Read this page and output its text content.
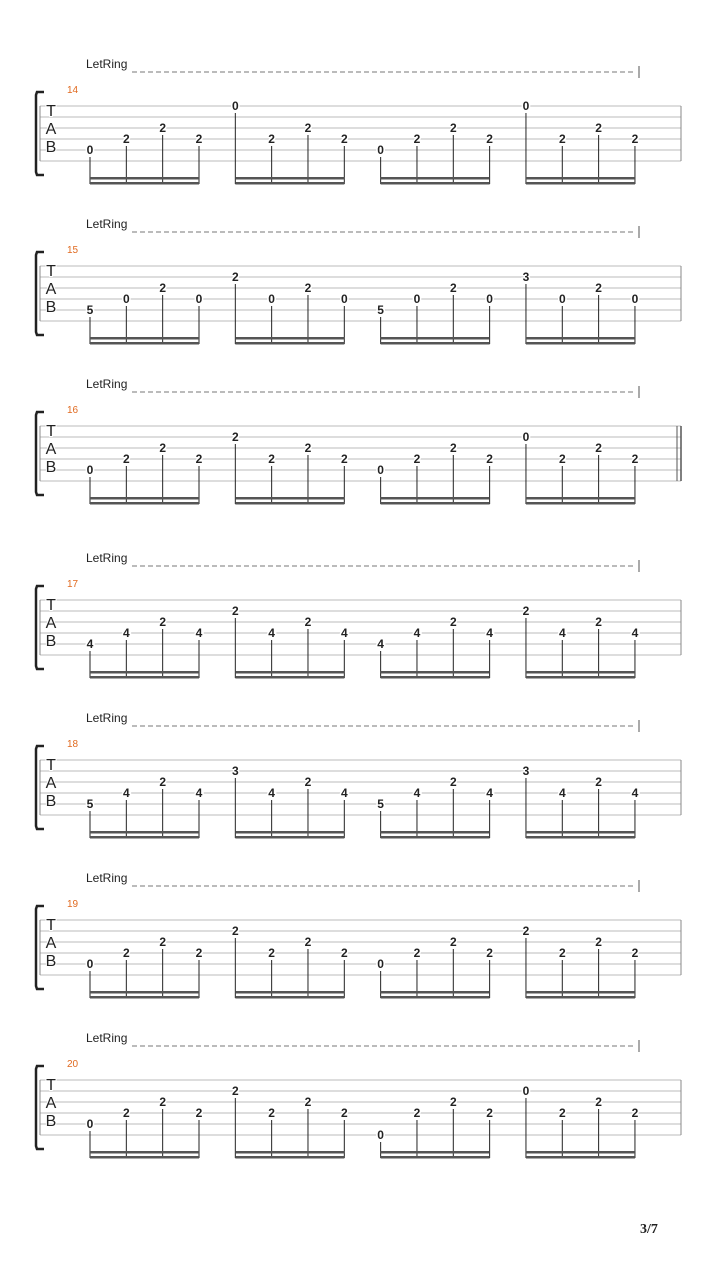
LetRing
14
T
A
B	0
2
2
2
0
2
2
2
0
2
2
2
0
2
2
2
LetRing
15
T
A
B	5
0
2
0
2
0
2
0
5
0
2
0
3
0
2
0
LetRing
16
T
A
B	0
2
2
2
2
2
2
2
0
2
2
2
0
2
2
2
LetRing
17
T
A
B	4
4
2
4
2
4
2
4
4
4
2
4
2
4
2
4
LetRing
18
T
A
B	5
4
2
4
3
4
2
4
5
4
2
4
3
4
2
4
LetRing
19
T
A
B	0
2
2
2
2
2
2
2
0
2
2
2
2
2
2
2
LetRing
20
T
A
B	0
2
2
2
2
2
2
2
0
2
2
2
0
2
2
2
3/7
